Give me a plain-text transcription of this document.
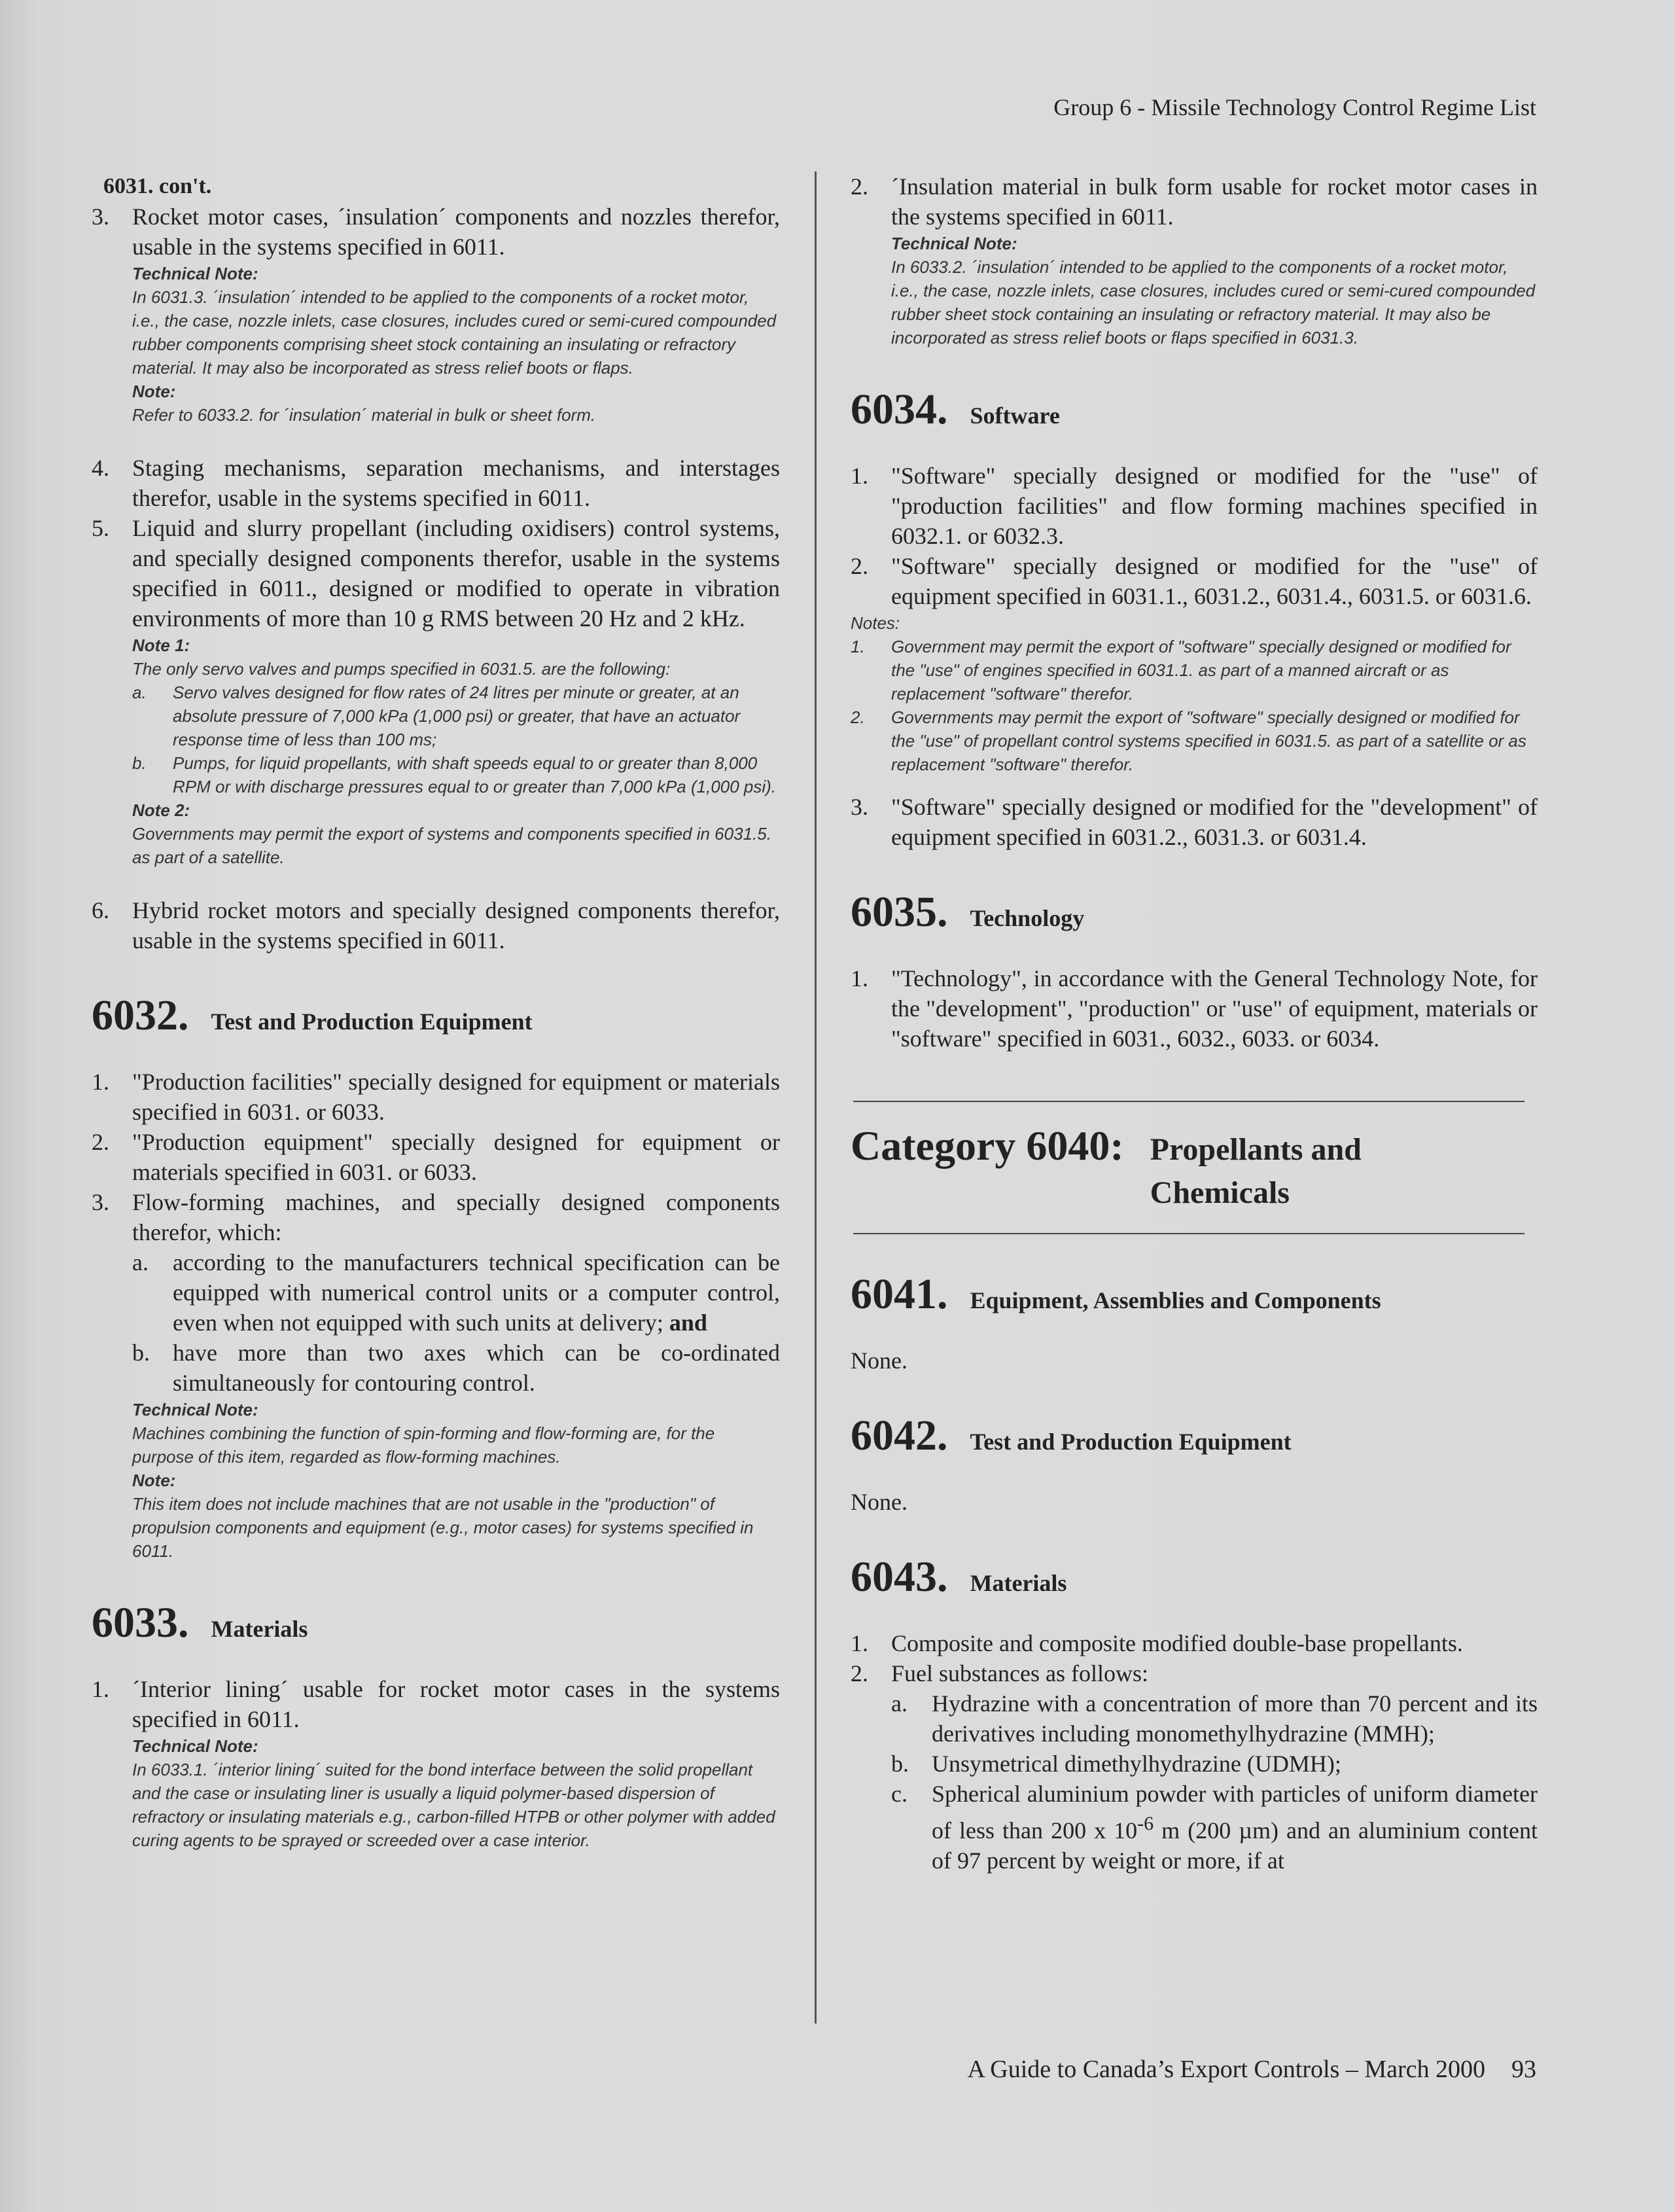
Group 6 - Missile Technology Control Regime List
6031. con't.
3. Rocket motor cases, ´insulation´ components and nozzles therefor, usable in the systems specified in 6011.
Technical Note:
In 6031.3. ´insulation´ intended to be applied to the components of a rocket motor, i.e., the case, nozzle inlets, case closures, includes cured or semi-cured compounded rubber components comprising sheet stock containing an insulating or refractory material. It may also be incorporated as stress relief boots or flaps.
Note:
Refer to 6033.2. for ´insulation´ material in bulk or sheet form.
4. Staging mechanisms, separation mechanisms, and interstages therefor, usable in the systems specified in 6011.
5. Liquid and slurry propellant (including oxidisers) control systems, and specially designed components therefor, usable in the systems specified in 6011., designed or modified to operate in vibration environments of more than 10 g RMS between 20 Hz and 2 kHz.
Note 1:
The only servo valves and pumps specified in 6031.5. are the following:
a.	Servo valves designed for flow rates of 24 litres per minute or greater, at an absolute pressure of 7,000 kPa (1,000 psi) or greater, that have an actuator response time of less than 100 ms;
b.	Pumps, for liquid propellants, with shaft speeds equal to or greater than 8,000 RPM or with discharge pressures equal to or greater than 7,000 kPa (1,000 psi).
Note 2:
Governments may permit the export of systems and components specified in 6031.5. as part of a satellite.
6. Hybrid rocket motors and specially designed components therefor, usable in the systems specified in 6011.
6032. Test and Production Equipment
1. "Production facilities" specially designed for equipment or materials specified in 6031. or 6033.
2. "Production equipment" specially designed for equipment or materials specified in 6031. or 6033.
3. Flow-forming machines, and specially designed components therefor, which:
a.	according to the manufacturers technical specification can be equipped with numerical control units or a computer control, even when not equipped with such units at delivery; and
b. have more than two axes which can be co-ordinated simultaneously for contouring control.
Technical Note:
Machines combining the function of spin-forming and flow-forming are, for the purpose of this item, regarded as flow-forming machines.
Note:
This item does not include machines that are not usable in the "production" of propulsion components and equipment (e.g., motor cases) for systems specified in 6011.
6033. Materials
1. ´Interior lining´ usable for rocket motor cases in the systems specified in 6011.
Technical Note:
In 6033.1. ´interior lining´ suited for the bond interface between the solid propellant and the case or insulating liner is usually a liquid polymer-based dispersion of refractory or insulating materials e.g., carbon-filled HTPB or other polymer with added curing agents to be sprayed or screeded over a case interior.
2. ´Insulation material in bulk form usable for rocket motor cases in the systems specified in 6011.
Technical Note:
In 6033.2. ´insulation´ intended to be applied to the components of a rocket motor, i.e., the case, nozzle inlets, case closures, includes cured or semi-cured compounded rubber sheet stock containing an insulating or refractory material. It may also be incorporated as stress relief boots or flaps specified in 6031.3.
6034. Software
1. "Software" specially designed or modified for the "use" of "production facilities" and flow forming machines specified in 6032.1. or 6032.3.
2. "Software" specially designed or modified for the "use" of equipment specified in 6031.1., 6031.2., 6031.4., 6031.5. or 6031.6.
Notes:
1.	Government may permit the export of "software" specially designed or modified for the "use" of engines specified in 6031.1. as part of a manned aircraft or as replacement "software" therefor.
2.	Governments may permit the export of "software" specially designed or modified for the "use" of propellant control systems specified in 6031.5. as part of a satellite or as replacement "software" therefor.
3. "Software" specially designed or modified for the "development" of equipment specified in 6031.2., 6031.3. or 6031.4.
6035. Technology
1. "Technology", in accordance with the General Technology Note, for the "development", "production" or "use" of equipment, materials or "software" specified in 6031., 6032., 6033. or 6034.
Category 6040: Propellants and Chemicals
6041. Equipment, Assemblies and Components
None.
6042. Test and Production Equipment
None.
6043. Materials
1. Composite and composite modified double-base propellants.
2. Fuel substances as follows:
a.	Hydrazine with a concentration of more than 70 percent and its derivatives including monomethylhydrazine (MMH);
b. Unsymetrical dimethylhydrazine (UDMH);
c.	Spherical aluminium powder with particles of uniform diameter of less than 200 x $10^{-6}$ m (200 µm) and an aluminium content of 97 percent by weight or more, if at
A Guide to Canada’s Export Controls – March 2000 93
